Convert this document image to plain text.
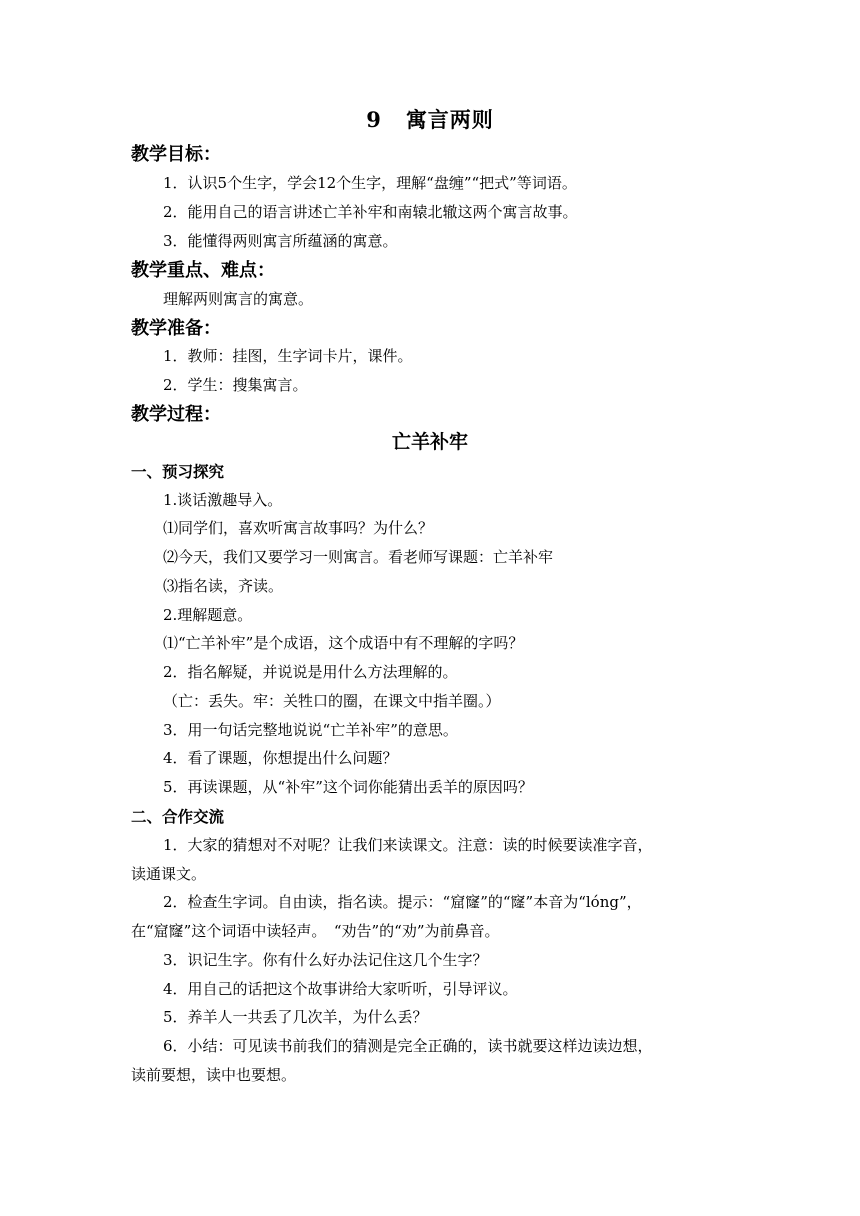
9 寓言两则
教学目标：
1．认识5个生字，学会12个生字，理解“盘缠”“把式”等词语。
2．能用自己的语言讲述亡羊补牢和南辕北辙这两个寓言故事。
3．能懂得两则寓言所蕴涵的寓意。
教学重点、难点：
理解两则寓言的寓意。
教学准备：
1．教师：挂图，生字词卡片，课件。
2．学生：搜集寓言。
教学过程：
亡羊补牢
一、预习探究
1.谈话激趣导入。
⑴同学们，喜欢听寓言故事吗？为什么？
⑵今天，我们又要学习一则寓言。看老师写课题：亡羊补牢
⑶指名读，齐读。
2.理解题意。
⑴“亡羊补牢”是个成语，这个成语中有不理解的字吗？
2．指名解疑，并说说是用什么方法理解的。
（亡：丢失。牢：关牲口的圈，在课文中指羊圈。）
3．用一句话完整地说说“亡羊补牢”的意思。
4．看了课题，你想提出什么问题？
5．再读课题，从“补牢”这个词你能猜出丢羊的原因吗？
二、合作交流
1．大家的猜想对不对呢？让我们来读课文。注意：读的时候要读准字音，
读通课文。
2．检查生字词。自由读，指名读。提示：“窟窿”的“窿”本音为“lóng”，
在“窟窿”这个词语中读轻声。　“劝告”的“劝”为前鼻音。
3．识记生字。你有什么好办法记住这几个生字？
4．用自己的话把这个故事讲给大家听听，引导评议。
5．养羊人一共丢了几次羊，为什么丢？
6．小结：可见读书前我们的猜测是完全正确的，读书就要这样边读边想，
读前要想，读中也要想。
